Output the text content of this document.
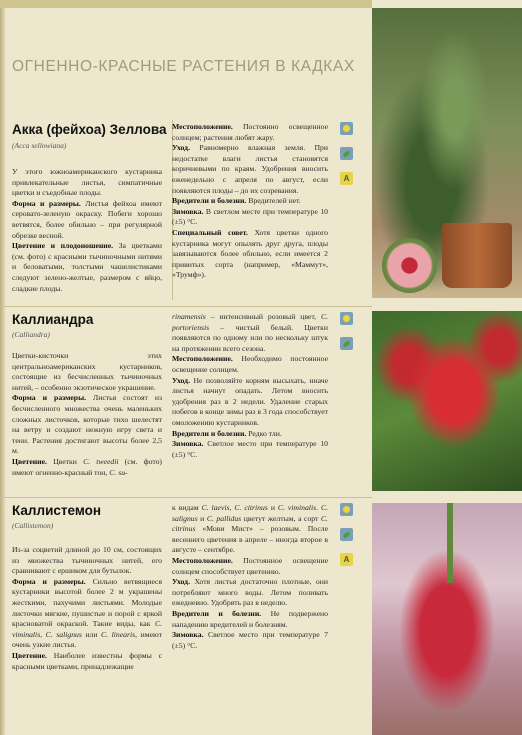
ОГНЕННО-КРАСНЫЕ РАСТЕНИЯ В КАДКАХ
Акка (фейхоа) Зеллова
(Acca sellowiana)

У этого южноамериканского кустарника привлекательные листья, симпатичные цветки и съедобные плоды.

Форма и размеры. Листья фейхоа имеют серовато-зеленую окраску. Побеги хорошо ветвятся, более обильно – при регулярной обрезке весной.

Цветение и плодоношение. За цветками (см. фото) с красными тычиночными нитями и беловатыми, толстыми чашелистиками следуют зелено-желтые, размером с яйцо, сладкие плоды.

Местоположение. Постоянно освещенное солнцем; растения любят жару.

Уход. Равномерно влажная земля. При недостатке влаги листья становятся коричневыми по краям. Удобрения вносить еженедельно с апреля по август, если появляются плоды – до их созревания.

Вредители и болезни. Вредителей нет.

Зимовка. В светлом месте при температуре 10 (±5) °С.

Специальный совет. Хотя цветки одного кустарника могут опылять друг друга, плоды завязываются более обильно, если имеется 2 привитых сорта (например, «Маммут», «Трумф»).

A
Каллиандра
(Calliandra)

Цветки-кисточки этих центральноамериканских кустарников, состоящие из бесчисленных тычиночных нитей, – особенно экзотическое украшение.

Форма и размеры. Листья состоят из бесчисленного множества очень маленьких сложных листочков, которые тихо шелестят на ветру и создают нежную игру света и тени. Растения достигают высоты более 2,5 м.

Цветение. Цветки C. tweedii (см. фото) имеют огненно-красный тон, C. su-

rinamensis – интенсивный розовый цвет, C. portoriensis – чистый белый. Цветки появляются по одному или по нескольку штук на протяжении всего сезона.

Местоположение. Необходимо постоянное освещение солнцем.

Уход. Не позволяйте корням высыхать, иначе листья начнут опадать. Летом вносить удобрения раз в 2 недели. Удаление старых побегов в конце зимы раз в 3 года способствует омоложению кустарников.

Вредители и болезни. Редко тли.

Зимовка. Светлое место при температуре 10 (±5) °С.

Каллистемон
(Callistemon)

Из-за соцветий длиной до 10 см, состоящих из множества тычиночных нитей, его сравнивают с ершиком для бутылок.

Форма и размеры. Сильно ветвящиеся кустарники высотой более 2 м украшены жесткими, пахучими листьями. Молодые листочки мягкие, пушистые и порой с яркой красноватой окраской. Такие виды, как C. viminalis, C. salignus или C. linearis, имеют очень узкие листья.

Цветение. Наиболее известны формы с красными цветками, принадлежащие

к видам C. laevis, C. citrinus и C. viminalis. C. salignus и C. pallidus цветут желтым, а сорт C. citrinus «Мови Мист» – розовым. После весеннего цветения в апреле – иногда второе в августе – сентябре.

Местоположение. Постоянное освещение солнцем способствует цветению.

Уход. Хотя листья достаточно плотные, они потребляют много воды. Летом поливать ежедневно. Удобрять раз в неделю.

Вредители и болезни. Не подвержено нападению вредителей и болезням.

Зимовка. Светлое место при температуре 7 (±5) °С.

A
